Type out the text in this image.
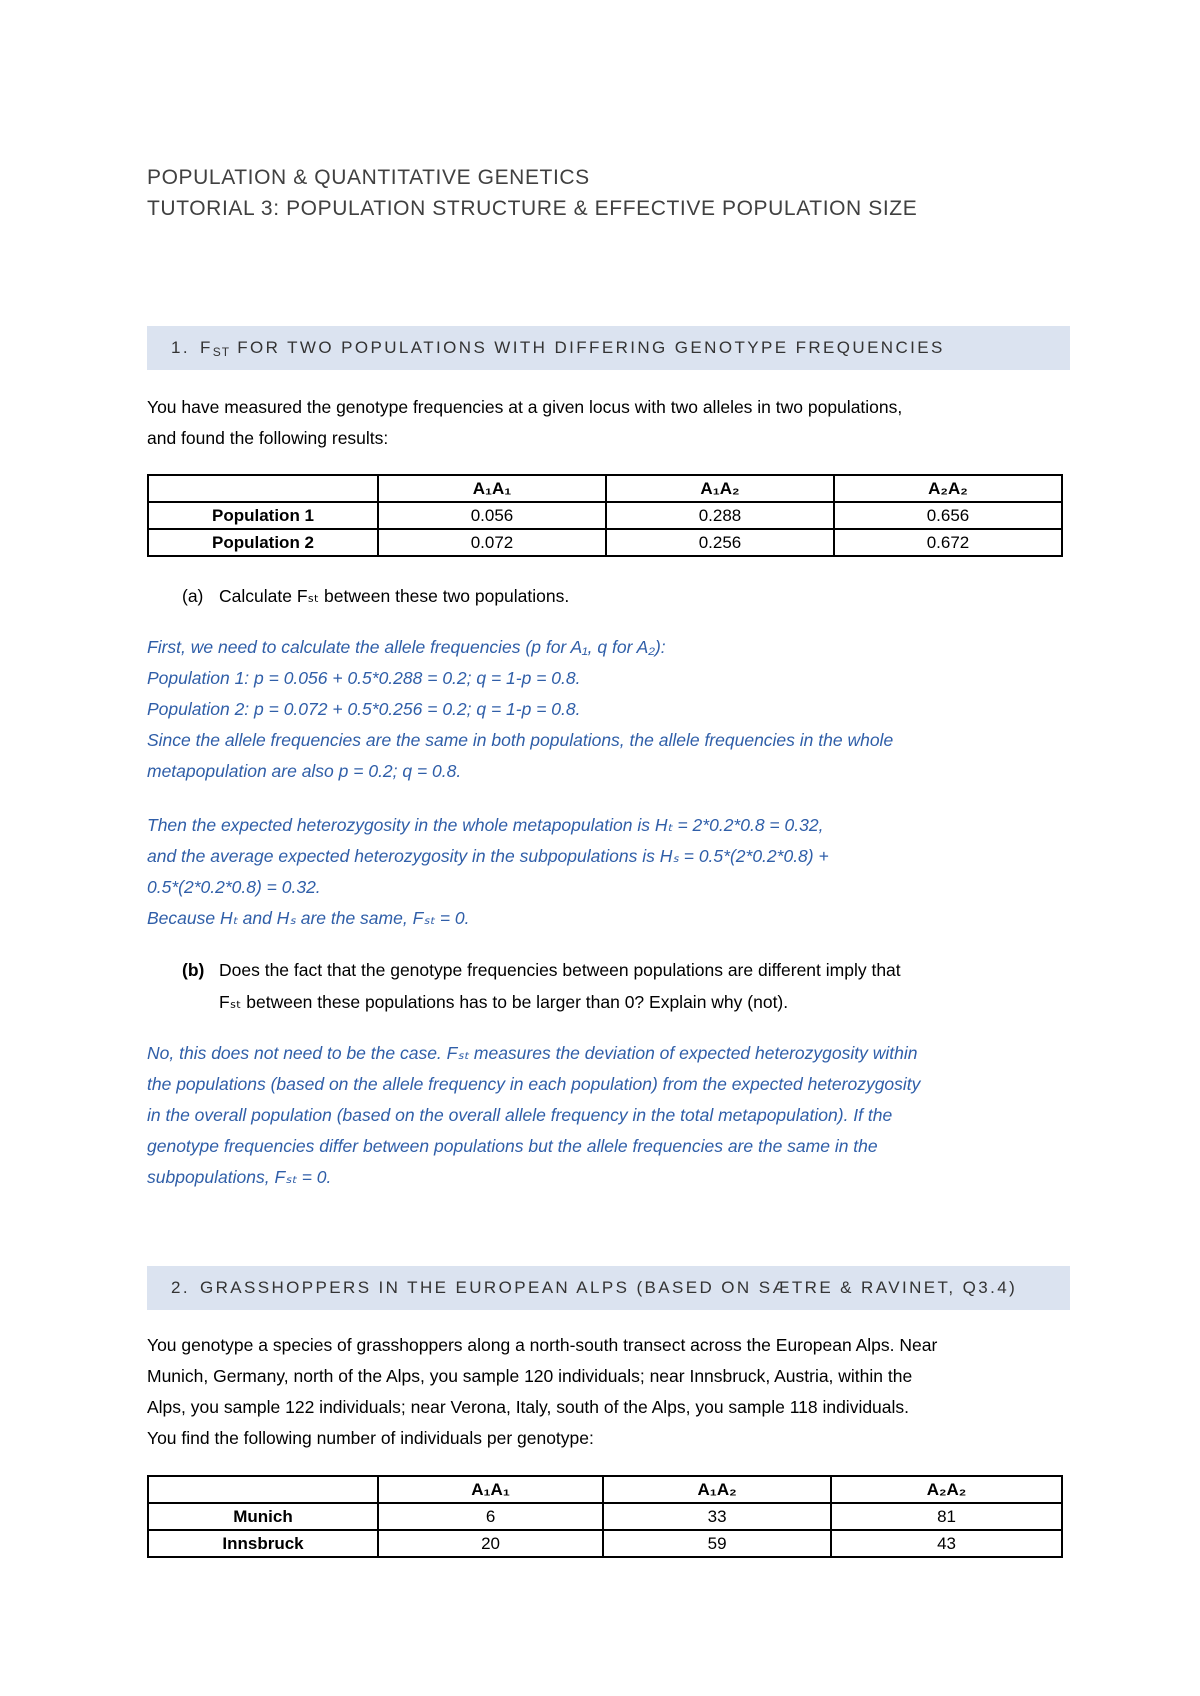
POPULATION & QUANTITATIVE GENETICS
TUTORIAL 3: POPULATION STRUCTURE & EFFECTIVE POPULATION SIZE
1. FST FOR TWO POPULATIONS WITH DIFFERING GENOTYPE FREQUENCIES
You have measured the genotype frequencies at a given locus with two alleles in two populations,
and found the following results:
	A₁A₁	A₁A₂	A₂A₂
Population 1	0.056	0.288	0.656
Population 2	0.072	0.256	0.672
(a) Calculate Fₛₜ between these two populations.
First, we need to calculate the allele frequencies (p for A₁, q for A₂):
Population 1: p = 0.056 + 0.5*0.288 = 0.2; q = 1-p = 0.8.
Population 2: p = 0.072 + 0.5*0.256 = 0.2; q = 1-p = 0.8.
Since the allele frequencies are the same in both populations, the allele frequencies in the whole
metapopulation are also p = 0.2; q = 0.8.
Then the expected heterozygosity in the whole metapopulation is Hₜ = 2*0.2*0.8 = 0.32,
and the average expected heterozygosity in the subpopulations is Hₛ = 0.5*(2*0.2*0.8) +
0.5*(2*0.2*0.8) = 0.32.
Because Hₜ and Hₛ are the same, Fₛₜ = 0.
(b) Does the fact that the genotype frequencies between populations are different imply that
Fₛₜ between these populations has to be larger than 0? Explain why (not).
No, this does not need to be the case. Fₛₜ measures the deviation of expected heterozygosity within
the populations (based on the allele frequency in each population) from the expected heterozygosity
in the overall population (based on the overall allele frequency in the total metapopulation). If the
genotype frequencies differ between populations but the allele frequencies are the same in the
subpopulations, Fₛₜ = 0.
2. GRASSHOPPERS IN THE EUROPEAN ALPS (BASED ON SÆTRE & RAVINET, Q3.4)
You genotype a species of grasshoppers along a north-south transect across the European Alps. Near
Munich, Germany, north of the Alps, you sample 120 individuals; near Innsbruck, Austria, within the
Alps, you sample 122 individuals; near Verona, Italy, south of the Alps, you sample 118 individuals.
You find the following number of individuals per genotype:
	A₁A₁	A₁A₂	A₂A₂
Munich	6	33	81
Innsbruck	20	59	43
